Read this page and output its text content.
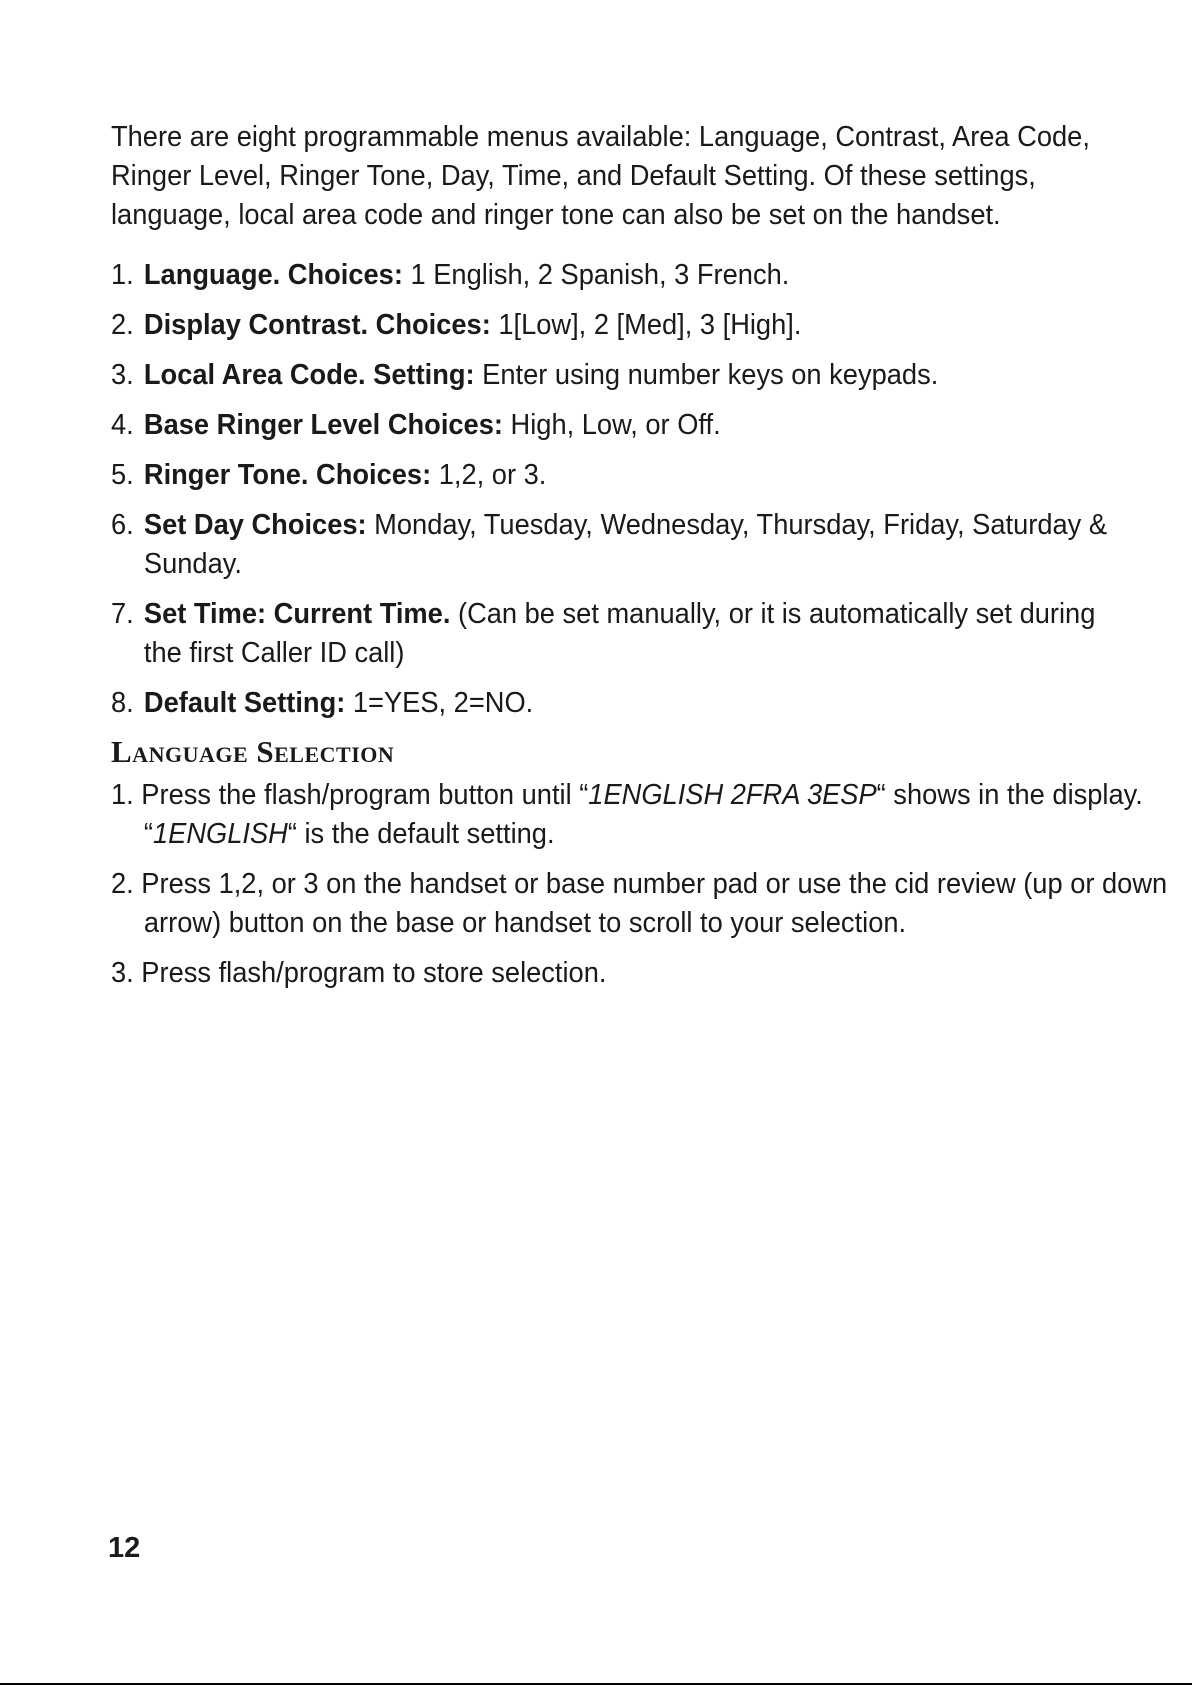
There are eight programmable menus available: Language, Contrast, Area Code, Ringer Level, Ringer Tone, Day, Time, and Default Setting. Of these settings, language, local area code and ringer tone can also be set on the handset.

1. Language. Choices: 1 English, 2 Spanish, 3 French.
2. Display Contrast. Choices: 1[Low], 2 [Med], 3 [High].
3. Local Area Code. Setting: Enter using number keys on keypads.
4. Base Ringer Level Choices: High, Low, or Off.
5. Ringer Tone. Choices: 1,2, or 3.
6. Set Day Choices: Monday, Tuesday, Wednesday, Thursday, Friday, Saturday & Sunday.
7. Set Time: Current Time. (Can be set manually, or it is automatically set during the first Caller ID call)
8. Default Setting: 1=YES, 2=NO.
Language Selection

1. Press the flash/program button until “1ENGLISH 2FRA 3ESP“ shows in the display. “1ENGLISH“ is the default setting.

2. Press 1,2, or 3 on the handset or base number pad or use the cid review (up or down arrow) button on the base or handset to scroll to your selection.

3. Press flash/program to store selection.

12
